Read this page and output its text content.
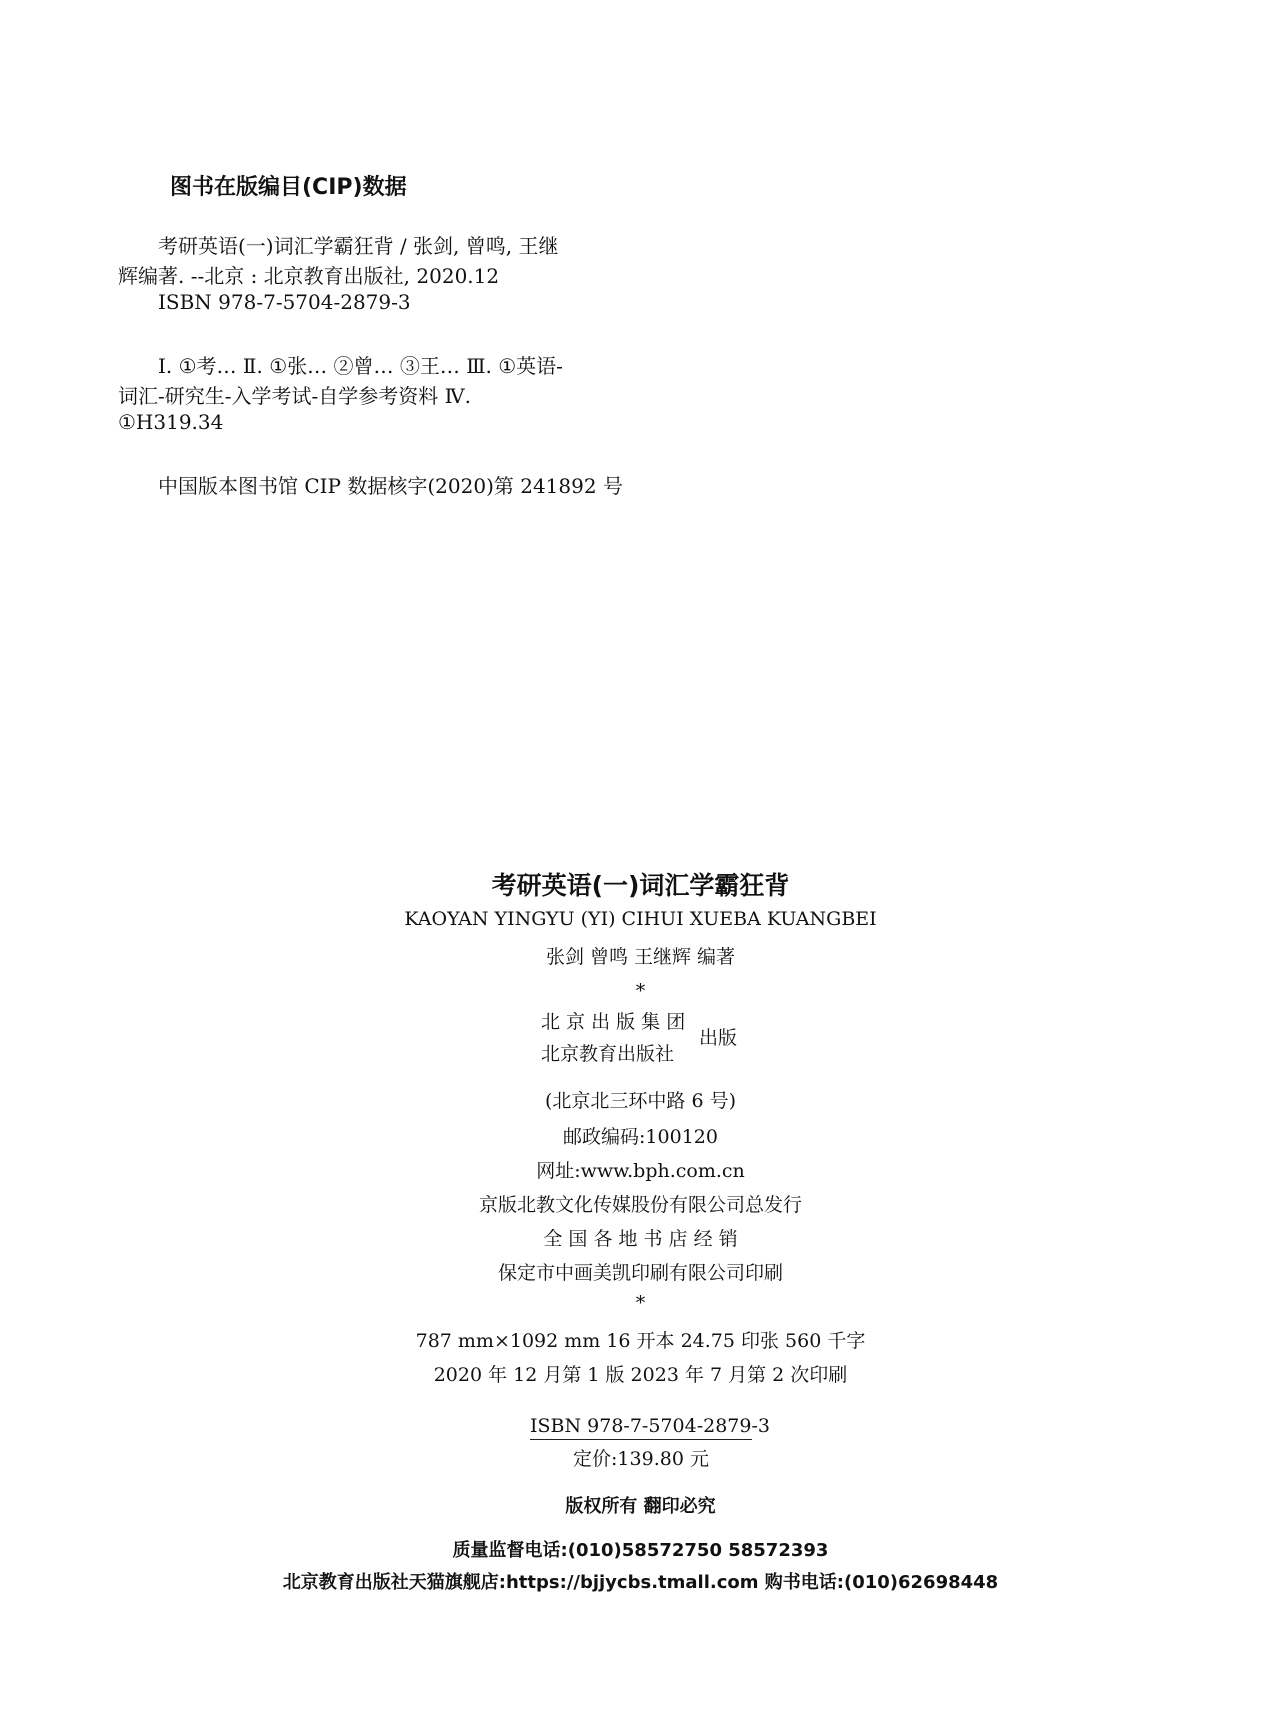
图书在版编目(CIP)数据
考研英语(一)词汇学霸狂背 / 张剑, 曾鸣, 王继
辉编著. --北京 : 北京教育出版社, 2020.12
ISBN 978-7-5704-2879-3
Ⅰ. ①考… Ⅱ. ①张… ②曾… ③王… Ⅲ. ①英语-
词汇-研究生-入学考试-自学参考资料 Ⅳ.
①H319.34
中国版本图书馆 CIP 数据核字(2020)第 241892 号
考研英语(一)词汇学霸狂背
KAOYAN YINGYU (YI) CIHUI XUEBA KUANGBEI
张剑 曾鸣 王继辉 编著
*
北 京 出 版 集 团
北京教育出版社
出版
(北京北三环中路 6 号)
邮政编码:100120
网址:www.bph.com.cn
京版北教文化传媒股份有限公司总发行
全 国 各 地 书 店 经 销
保定市中画美凯印刷有限公司印刷
*
787 mm×1092 mm 16 开本 24.75 印张 560 千字
2020 年 12 月第 1 版 2023 年 7 月第 2 次印刷
ISBN 978-7-5704-2879-3
定价:139.80 元
版权所有 翻印必究
质量监督电话:(010)58572750 58572393
北京教育出版社天猫旗舰店:https://bjjycbs.tmall.com 购书电话:(010)62698448
